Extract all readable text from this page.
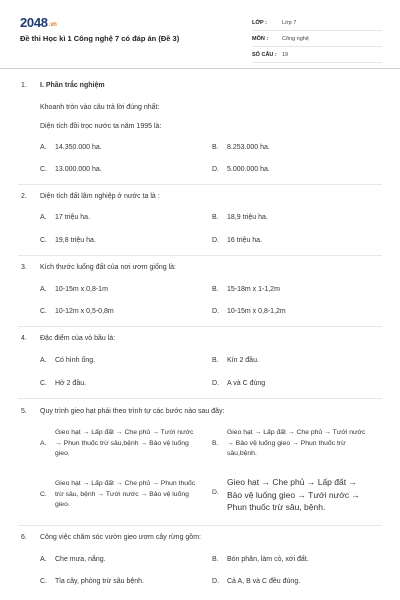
2048.vn
Đề thi Học kì 1 Công nghệ 7 có đáp án (Đề 3)
LỚP :	Lớp 7
MÔN :	Công nghệ
SỐ CÂU : 19
1. I. Phần trắc nghiệm
Khoanh tròn vào câu trả lời đúng nhất:
Diện tích đồi trọc nước ta năm 1995 là:
A. 14.350.000 ha.	B. 8.253.000 ha.
C. 13.000.000 ha.	D. 5.000.000 ha.
2. Diện tích đất lâm nghiệp ở nước ta là :
A. 17 triệu ha.	B. 18,9 triệu ha.
C. 19,8 triệu ha.	D. 16 triệu ha.
3. Kích thước luống đất của nơi ươm giống là:
A. 10-15m x 0,8-1m	B. 15-18m x 1-1,2m
C. 10-12m x 0,5-0,8m	D. 10-15m x 0,8-1,2m
4. Đặc điểm của vỏ bầu là:
A. Có hình ống.	B. Kín 2 đầu.
C. Hở 2 đầu.	D. A và C đúng
5. Quy trình gieo hạt phải theo trình tự các bước nào sau đây:
A.
Gieo hạt → Lấp đất → Che phủ → Tưới nước → Phun thuốc trừ sâu,bệnh → Bảo vệ luống gieo.
B.
Gieo hạt → Lấp đất → Che phủ → Tưới nước → Bảo vệ luống gieo → Phun thuốc trừ sâu,bệnh.
C.
Gieo hạt → Lấp đất → Che phủ → Phun thuốc trừ sâu, bệnh → Tưới nước → Bảo vệ luống gieo.
D.
Gieo hạt → Che phủ → Lấp đất → Bảo vệ luống gieo → Tưới nước → Phun thuốc trừ sâu, bệnh.
6. Công việc chăm sóc vườn gieo ươm cây rừng gồm:
A. Che mưa, nắng.	B. Bón phân, làm cỏ, xới đất.
C. Tỉa cây, phòng trừ sâu bệnh.	D. Cả A, B và C đều đúng.
